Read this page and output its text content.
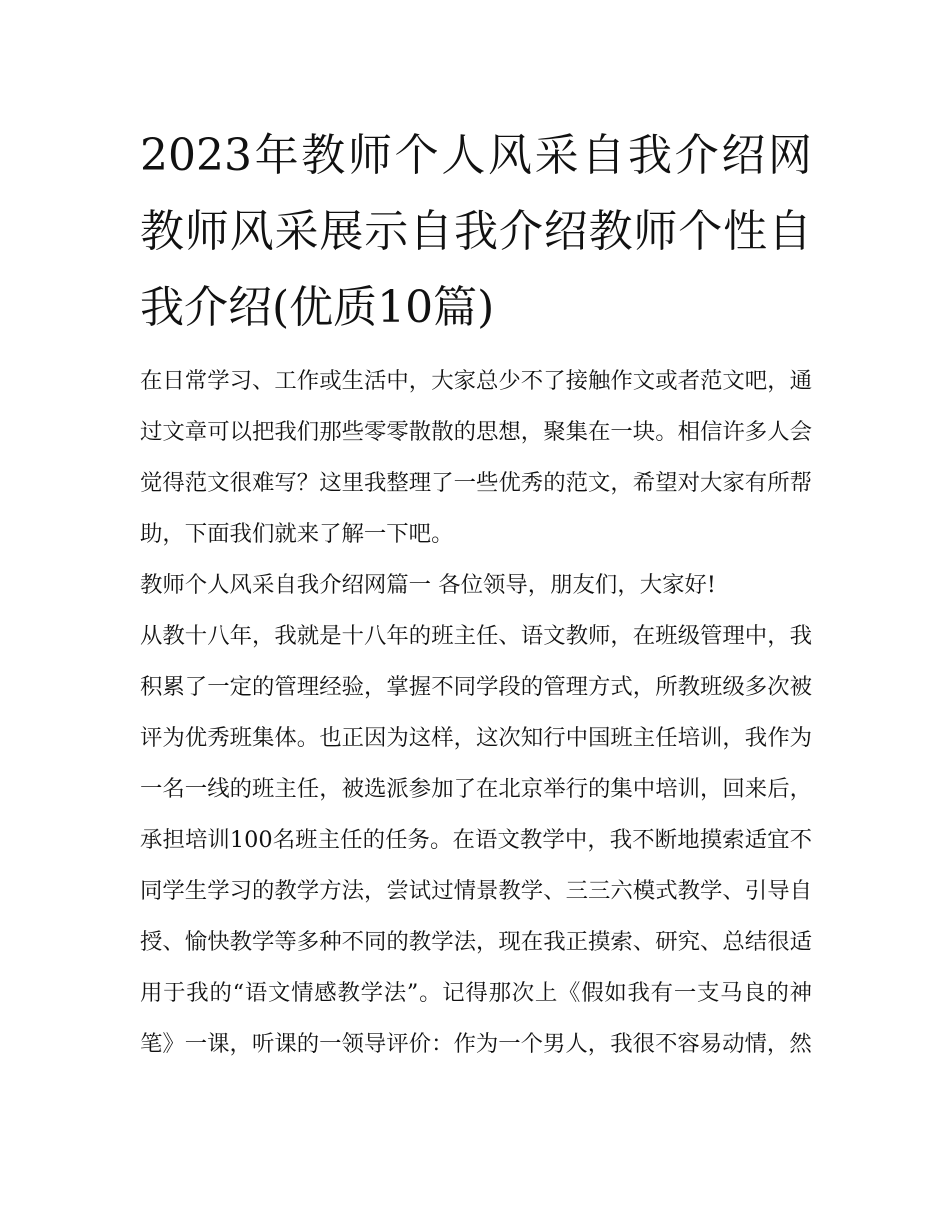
2023年教师个人风采自我介绍网 教师风采展示自我介绍教师个性自我介绍(优质10篇)

在日常学习、工作或生活中，大家总少不了接触作文或者范文吧，通过文章可以把我们那些零零散散的思想，聚集在一块。相信许多人会觉得范文很难写？这里我整理了一些优秀的范文，希望对大家有所帮助，下面我们就来了解一下吧。

教师个人风采自我介绍网篇一 各位领导，朋友们，大家好!

从教十八年，我就是十八年的班主任、语文教师，在班级管理中，我积累了一定的管理经验，掌握不同学段的管理方式，所教班级多次被评为优秀班集体。也正因为这样，这次知行中国班主任培训，我作为一名一线的班主任，被选派参加了在北京举行的集中培训，回来后，承担培训100名班主任的任务。在语文教学中，我不断地摸索适宜不同学生学习的教学方法，尝试过情景教学、三三六模式教学、引导自授、愉快教学等多种不同的教学法，现在我正摸索、研究、总结很适用于我的“语文情感教学法”。记得那次上《假如我有一支马良的神笔》一课，听课的一领导评价：作为一个男人，我很不容易动情，然
